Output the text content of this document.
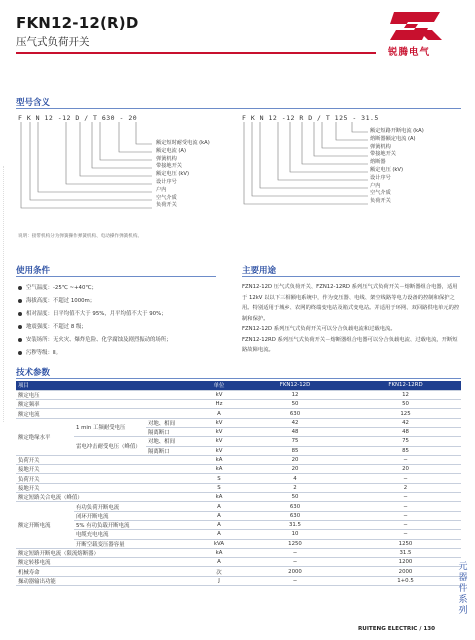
FKN12-12(R)D
压气式负荷开关
锐腾电气
型号含义
F K N 12 -12 D / T 630 - 20
额定短时耐受电流 (kA)
额定电流 (A)
弹簧机构
带接地开关
额定电压 (kV)
设计序号
户内
空气介质
负荷开关
F K N 12 -12 R D / T 125 - 31.5
额定短路开断电流 (kA)
熔断器额定电流 (A)
弹簧机构
带接地开关
熔断器
额定电压 (kV)
设计序号
户内
空气介质
负荷开关
说明：接带机构分为弹簧操作弹簧机构、电动操作弹簧机构。
使用条件
空气温度：-25℃ ~+40℃；
海拔高度：不超过 1000m；
相对湿度：日平均值不大于 95%，月平均值不大于 90%；
地震强度：不超过 8 级；
安装场所：无火灾、爆炸危险、化学腐蚀及剧烈振动的场所；
污秽等级：Ⅱ。
主要用途

FZN12-12D 压气式负荷开关、FZN12-12RD 系列压气式负荷开关－熔断器组合电器，适用于 12kV 以以下三相额电系统中，作为变压器、电线、架空线路等电力设备的控制和保护之用。特别适用于城乡、农网的终端变电站及箱式变电站。并适用于环网、双回路供电单元的控制和保护。

FZN12-12D 系列压气式负荷开关可以分合负载电流和过载电流。

FZN12-12RD 系列压气式负荷开关－熔断器组合电器可以分合负载电流、过载电流，开断短路故障电流。

技术参数
项目			单位	FKN12-12D	FKN12-12RD
额定电压			kV	12	12
额定频率			Hz	50	50
额定电流			A	630	125
额定绝缘水平	1 min 工频耐受电压	对地、相间	kV	42	42
		隔离断口	kV	48	48
	雷电冲击耐受电压（峰值）	对地、相间	kV	75	75
		隔离断口	kV	85	85
负荷开关			kA	20	−
接地开关			kA	20	20
负荷开关			S	4	−
接地开关			S	2	2
额定短路关合电流（峰值）			kA	50	−
额定开断电流	有功负荷开断电流		A	630	−
	闭环开断电流		A	630	−
	5% 有功负载开断电流		A	31.5	−
	电缆充电电流		A	10	−
	开断空载变压器容量		kVA	1250	1250
额定短路开断电流（限流熔断器）			kA	−	31.5
额定转移电流			A	−	1200
机械寿命			次	2000	2000
操动器输出功能			J	−	1+0.5
元器件系列
RUITENG ELECTRIC / 130
